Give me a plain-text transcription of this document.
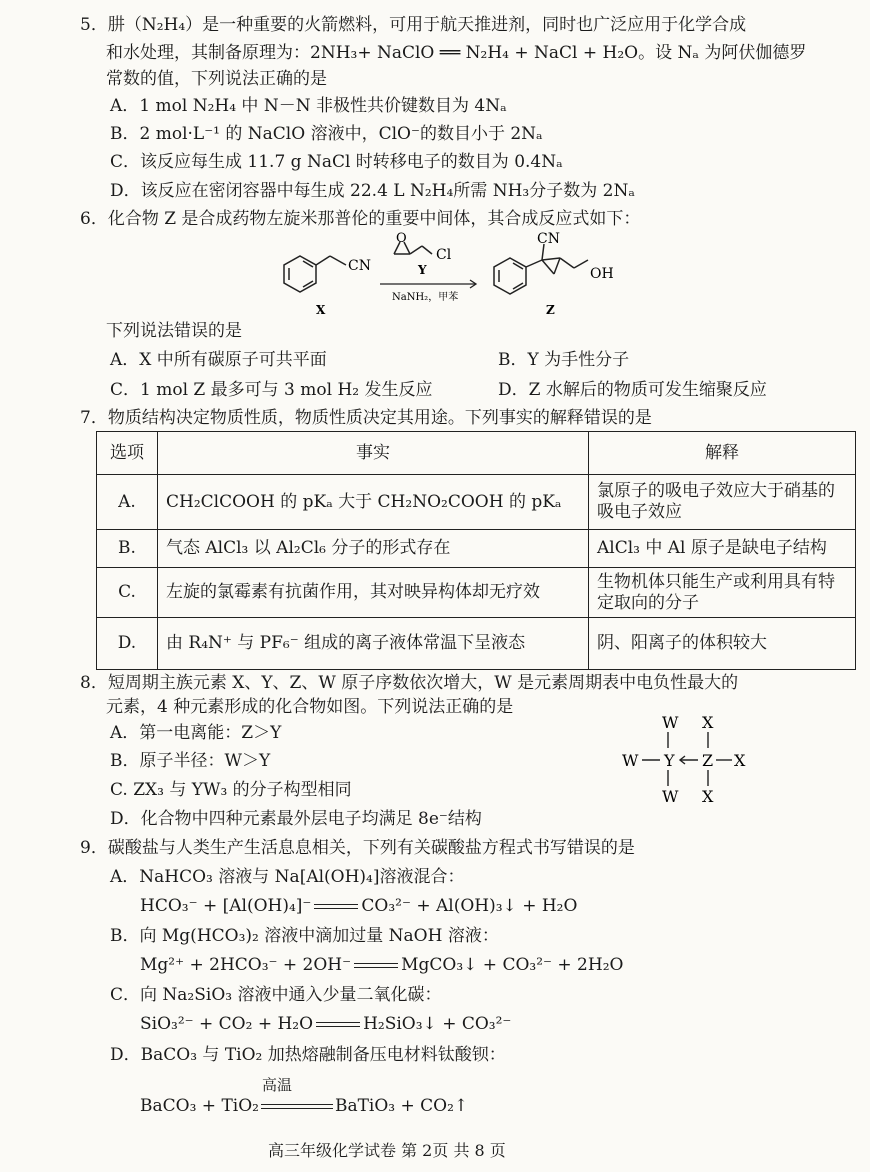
5．肼（N₂H₄）是一种重要的火箭燃料，可用于航天推进剂，同时也广泛应用于化学合成
和水处理，其制备原理为：2NH₃+ NaClO ══ N₂H₄ + NaCl + H₂O。设 Nₐ 为阿伏伽德罗
常数的值，下列说法正确的是
A．1 mol N₂H₄ 中 N－N 非极性共价键数目为 4Nₐ
B．2 mol·L⁻¹ 的 NaClO 溶液中，ClO⁻的数目小于 2Nₐ
C．该反应每生成 11.7 g NaCl 时转移电子的数目为 0.4Nₐ
D．该反应在密闭容器中每生成 22.4 L N₂H₄所需 NH₃分子数为 2Nₐ
6．化合物 Z 是合成药物左旋米那普伦的重要中间体，其合成反应式如下：
CN
X
O
Cl
Y
NaNH₂，甲苯
CN
OH
Z
下列说法错误的是
A．X 中所有碳原子可共平面	B．Y 为手性分子
C．1 mol Z 最多可与 3 mol H₂ 发生反应	D．Z 水解后的物质可发生缩聚反应
7．物质结构决定物质性质，物质性质决定其用途。下列事实的解释错误的是
选项	事实	解释
A.	CH₂ClCOOH 的 pKₐ 大于 CH₂NO₂COOH 的 pKₐ	氯原子的吸电子效应大于硝基的吸电子效应
B.	气态 AlCl₃ 以 Al₂Cl₆ 分子的形式存在	AlCl₃ 中 Al 原子是缺电子结构
C.	左旋的氯霉素有抗菌作用，其对映异构体却无疗效	生物机体只能生产或利用具有特定取向的分子
D.	由 R₄N⁺ 与 PF₆⁻ 组成的离子液体常温下呈液态	阴、阳离子的体积较大
8．短周期主族元素 X、Y、Z、W 原子序数依次增大，W 是元素周期表中电负性最大的
元素，4 种元素形成的化合物如图。下列说法正确的是
A．第一电离能：Z＞Y
B．原子半径：W＞Y
C. ZX₃ 与 YW₃ 的分子构型相同
D．化合物中四种元素最外层电子均满足 8e⁻结构
W X
W Y Z X
W X
9．碳酸盐与人类生产生活息息相关，下列有关碳酸盐方程式书写错误的是
A．NaHCO₃ 溶液与 Na[Al(OH)₄]溶液混合：
HCO₃⁻ + [Al(OH)₄]⁻	CO₃²⁻ + Al(OH)₃↓ + H₂O
B．向 Mg(HCO₃)₂ 溶液中滴加过量 NaOH 溶液：
Mg²⁺ + 2HCO₃⁻ + 2OH⁻	MgCO₃↓ + CO₃²⁻ + 2H₂O
C．向 Na₂SiO₃ 溶液中通入少量二氧化碳：
SiO₃²⁻ + CO₂ + H₂O	H₂SiO₃↓ + CO₃²⁻
D．BaCO₃ 与 TiO₂ 加热熔融制备压电材料钛酸钡：
高温
BaCO₃ + TiO₂	BaTiO₃ + CO₂↑
高三年级化学试卷 第 2页 共 8 页
